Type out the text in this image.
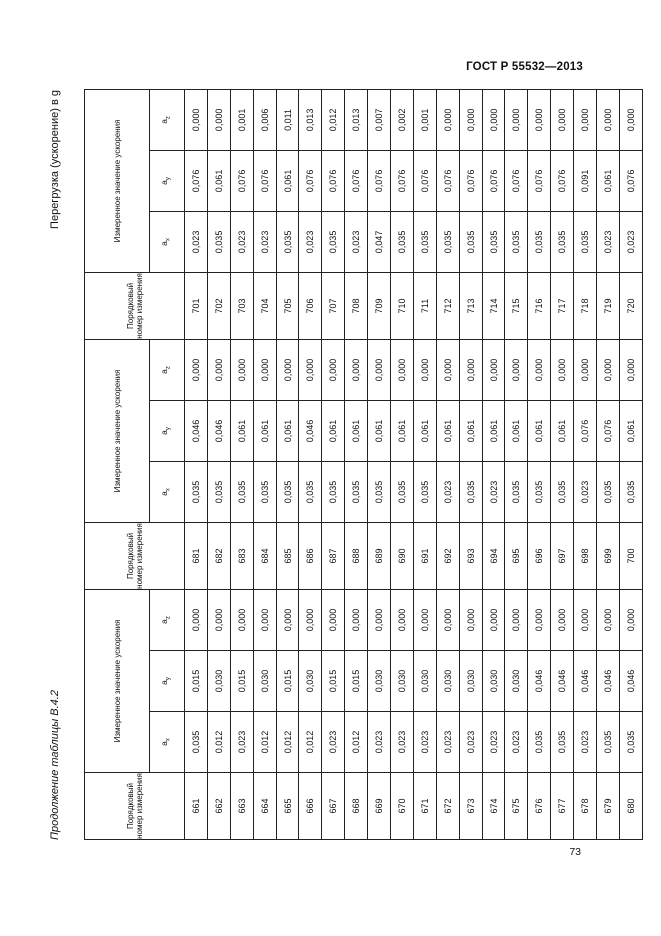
ГОСТ Р 55532—2013
Продолжение таблицы В.4.2
Перегрузка (ускорение) в g
Порядковый номер измерения	Измеренное значение ускорения			Порядковый номер измерения	Измеренное значение ускорения			Порядковый номер измерения	Измеренное значение ускорения		
	$a_x$	$a_y$	$a_z$		$a_x$	$a_y$	$a_z$		$a_x$	$a_y$	$a_z$
661	0,035	0,015	0,000	681	0,035	0,046	0,000	701	0,023	0,076	0,000
662	0,012	0,030	0,000	682	0,035	0,046	0,000	702	0,035	0,061	0,000
663	0,023	0,015	0,000	683	0,035	0,061	0,000	703	0,023	0,076	0,001
664	0,012	0,030	0,000	684	0,035	0,061	0,000	704	0,023	0,076	0,006
665	0,012	0,015	0,000	685	0,035	0,061	0,000	705	0,035	0,061	0,011
666	0,012	0,030	0,000	686	0,035	0,046	0,000	706	0,023	0,076	0,013
667	0,023	0,015	0,000	687	0,035	0,061	0,000	707	0,035	0,076	0,012
668	0,012	0,015	0,000	688	0,035	0,061	0,000	708	0,023	0,076	0,013
669	0,023	0,030	0,000	689	0,035	0,061	0,000	709	0,047	0,076	0,007
670	0,023	0,030	0,000	690	0,035	0,061	0,000	710	0,035	0,076	0,002
671	0,023	0,030	0,000	691	0,035	0,061	0,000	711	0,035	0,076	0,001
672	0,023	0,030	0,000	692	0,023	0,061	0,000	712	0,035	0,076	0,000
673	0,023	0,030	0,000	693	0,035	0,061	0,000	713	0,035	0,076	0,000
674	0,023	0,030	0,000	694	0,023	0,061	0,000	714	0,035	0,076	0,000
675	0,023	0,030	0,000	695	0,035	0,061	0,000	715	0,035	0,076	0,000
676	0,035	0,046	0,000	696	0,035	0,061	0,000	716	0,035	0,076	0,000
677	0,035	0,046	0,000	697	0,035	0,061	0,000	717	0,035	0,076	0,000
678	0,023	0,046	0,000	698	0,023	0,076	0,000	718	0,035	0,091	0,000
679	0,035	0,046	0,000	699	0,035	0,076	0,000	719	0,023	0,061	0,000
680	0,035	0,046	0,000	700	0,035	0,061	0,000	720	0,023	0,076	0,000
73
